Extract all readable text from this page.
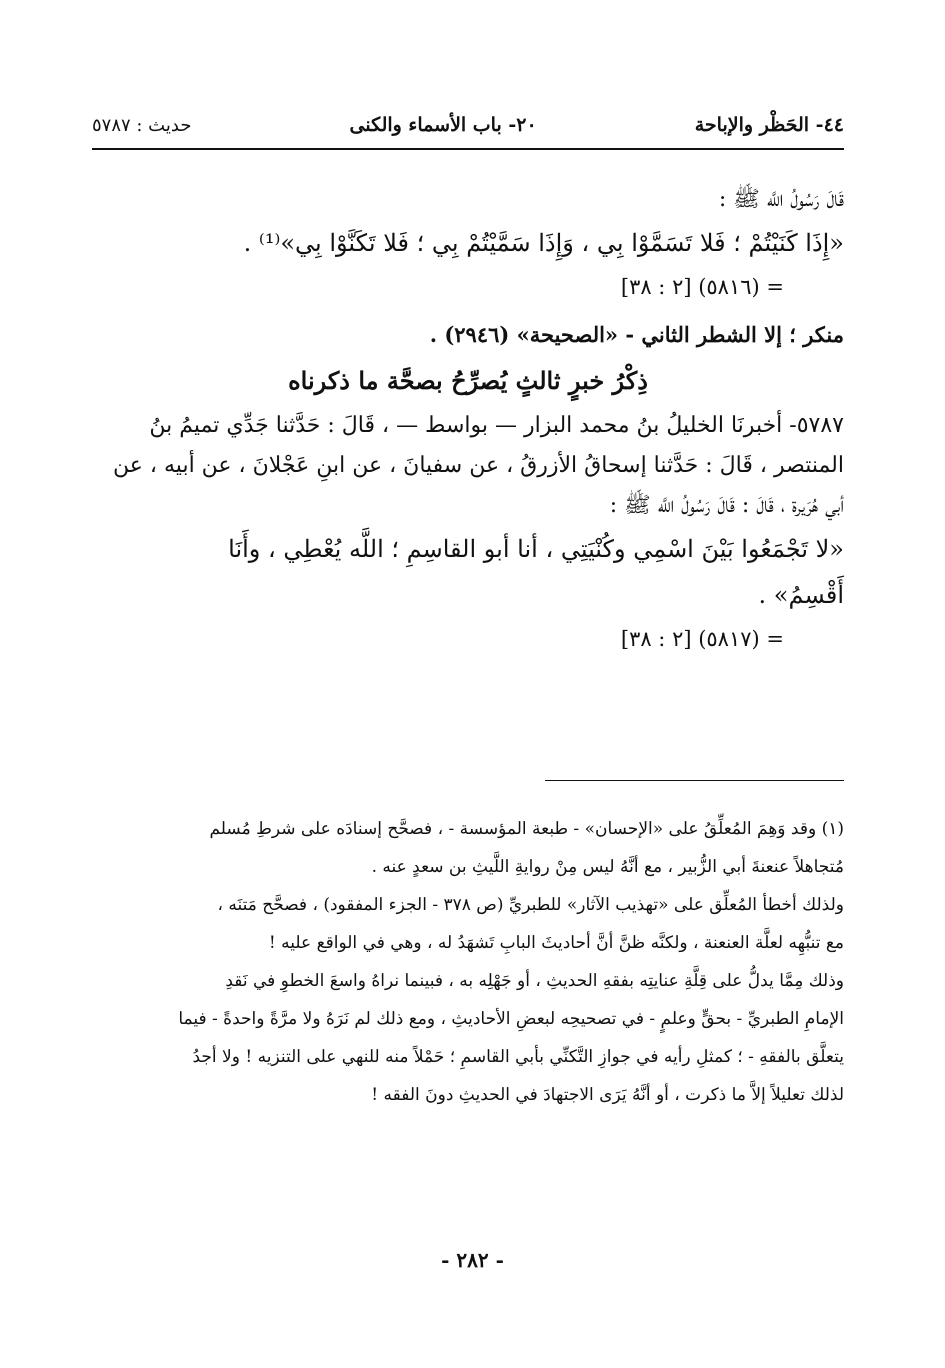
٤٤- الحَظْر والإباحة
٢٠- باب الأسماء والكنى
حديث : ٥٧٨٧

قَالَ رَسُولُ اللَّه ﷺ :

«إِذَا كَنَيْتُمْ ؛ فَلا تَسَمَّوْا بِي ، وَإِذَا سَمَّيْتُمْ بِي ؛ فَلا تَكَنَّوْا بِي»⁽¹⁾ .

= (٥٨١٦) [٢ : ٣٨]

منكر ؛ إلا الشطر الثاني - «الصحيحة» (٢٩٤٦) .

ذِكْرُ خبرٍ ثالثٍ يُصرِّحُ بصحَّة ما ذكرناه

٥٧٨٧- أخبرنَا الخليلُ بنُ محمد البزار — بواسط — ، قَالَ : حَدَّثنا جَدِّي تميمُ بنُ

المنتصر ، قَالَ : حَدَّثنا إسحاقُ الأزرقُ ، عن سفيانَ ، عن ابنِ عَجْلانَ ، عن أبيه ، عن

أبي هُرَيرة ، قَالَ : قَالَ رَسُولُ اللَّه ﷺ :

«لا تَجْمَعُوا بَيْنَ اسْمِي وكُنْيَتِي ، أنا أبو القاسِمِ ؛ اللَّه يُعْطِي ، وأَنَا

أَقْسِمُ» .

= (٥٨١٧) [٢ : ٣٨]

(١) وقد وَهِمَ المُعلِّقُ على «الإحسان» - طبعة المؤسسة - ، فصحَّح إسنادَه على شرطِ مُسلم

مُتجاهلاً عنعنةَ أبي الزُّبير ، مع أنَّهُ ليس مِنْ روايةِ اللَّيثِ بن سعدٍ عنه .

ولذلك أخطأ المُعلِّق على «تهذيب الآثار» للطبريِّ (ص ٣٧٨ - الجزء المفقود) ، فصحَّح مَتنَه ،

مع تنبُّهِه لعلَّة العنعنة ، ولكنَّه ظنَّ أنَّ أحاديثَ البابِ تَشهَدُ له ، وهي في الواقع عليه !

وذلك مِمَّا يدلُّ على قِلَّةِ عنايتِه بفقهِ الحديثِ ، أو جَهْلِه به ، فبينما نراهُ واسعَ الخطوِ في نَقدِ

الإمامِ الطبريِّ - بحقٍّ وعلمٍ - في تصحيحِه لبعضِ الأحاديثِ ، ومع ذلك لم نَرَهُ ولا مرَّةً واحدةً - فيما

يتعلَّق بالفقهِ - ؛ كمثلِ رأيه في جوازِ التَّكنِّي بأبي القاسمِ ؛ حَمْلاً منه للنهي على التنزيه ! ولا أجدُ

لذلك تعليلاً إلاَّ ما ذكرت ، أو أنَّهُ يَرَى الاجتهادَ في الحديثِ دونَ الفقه !

- ٢٨٢ -
